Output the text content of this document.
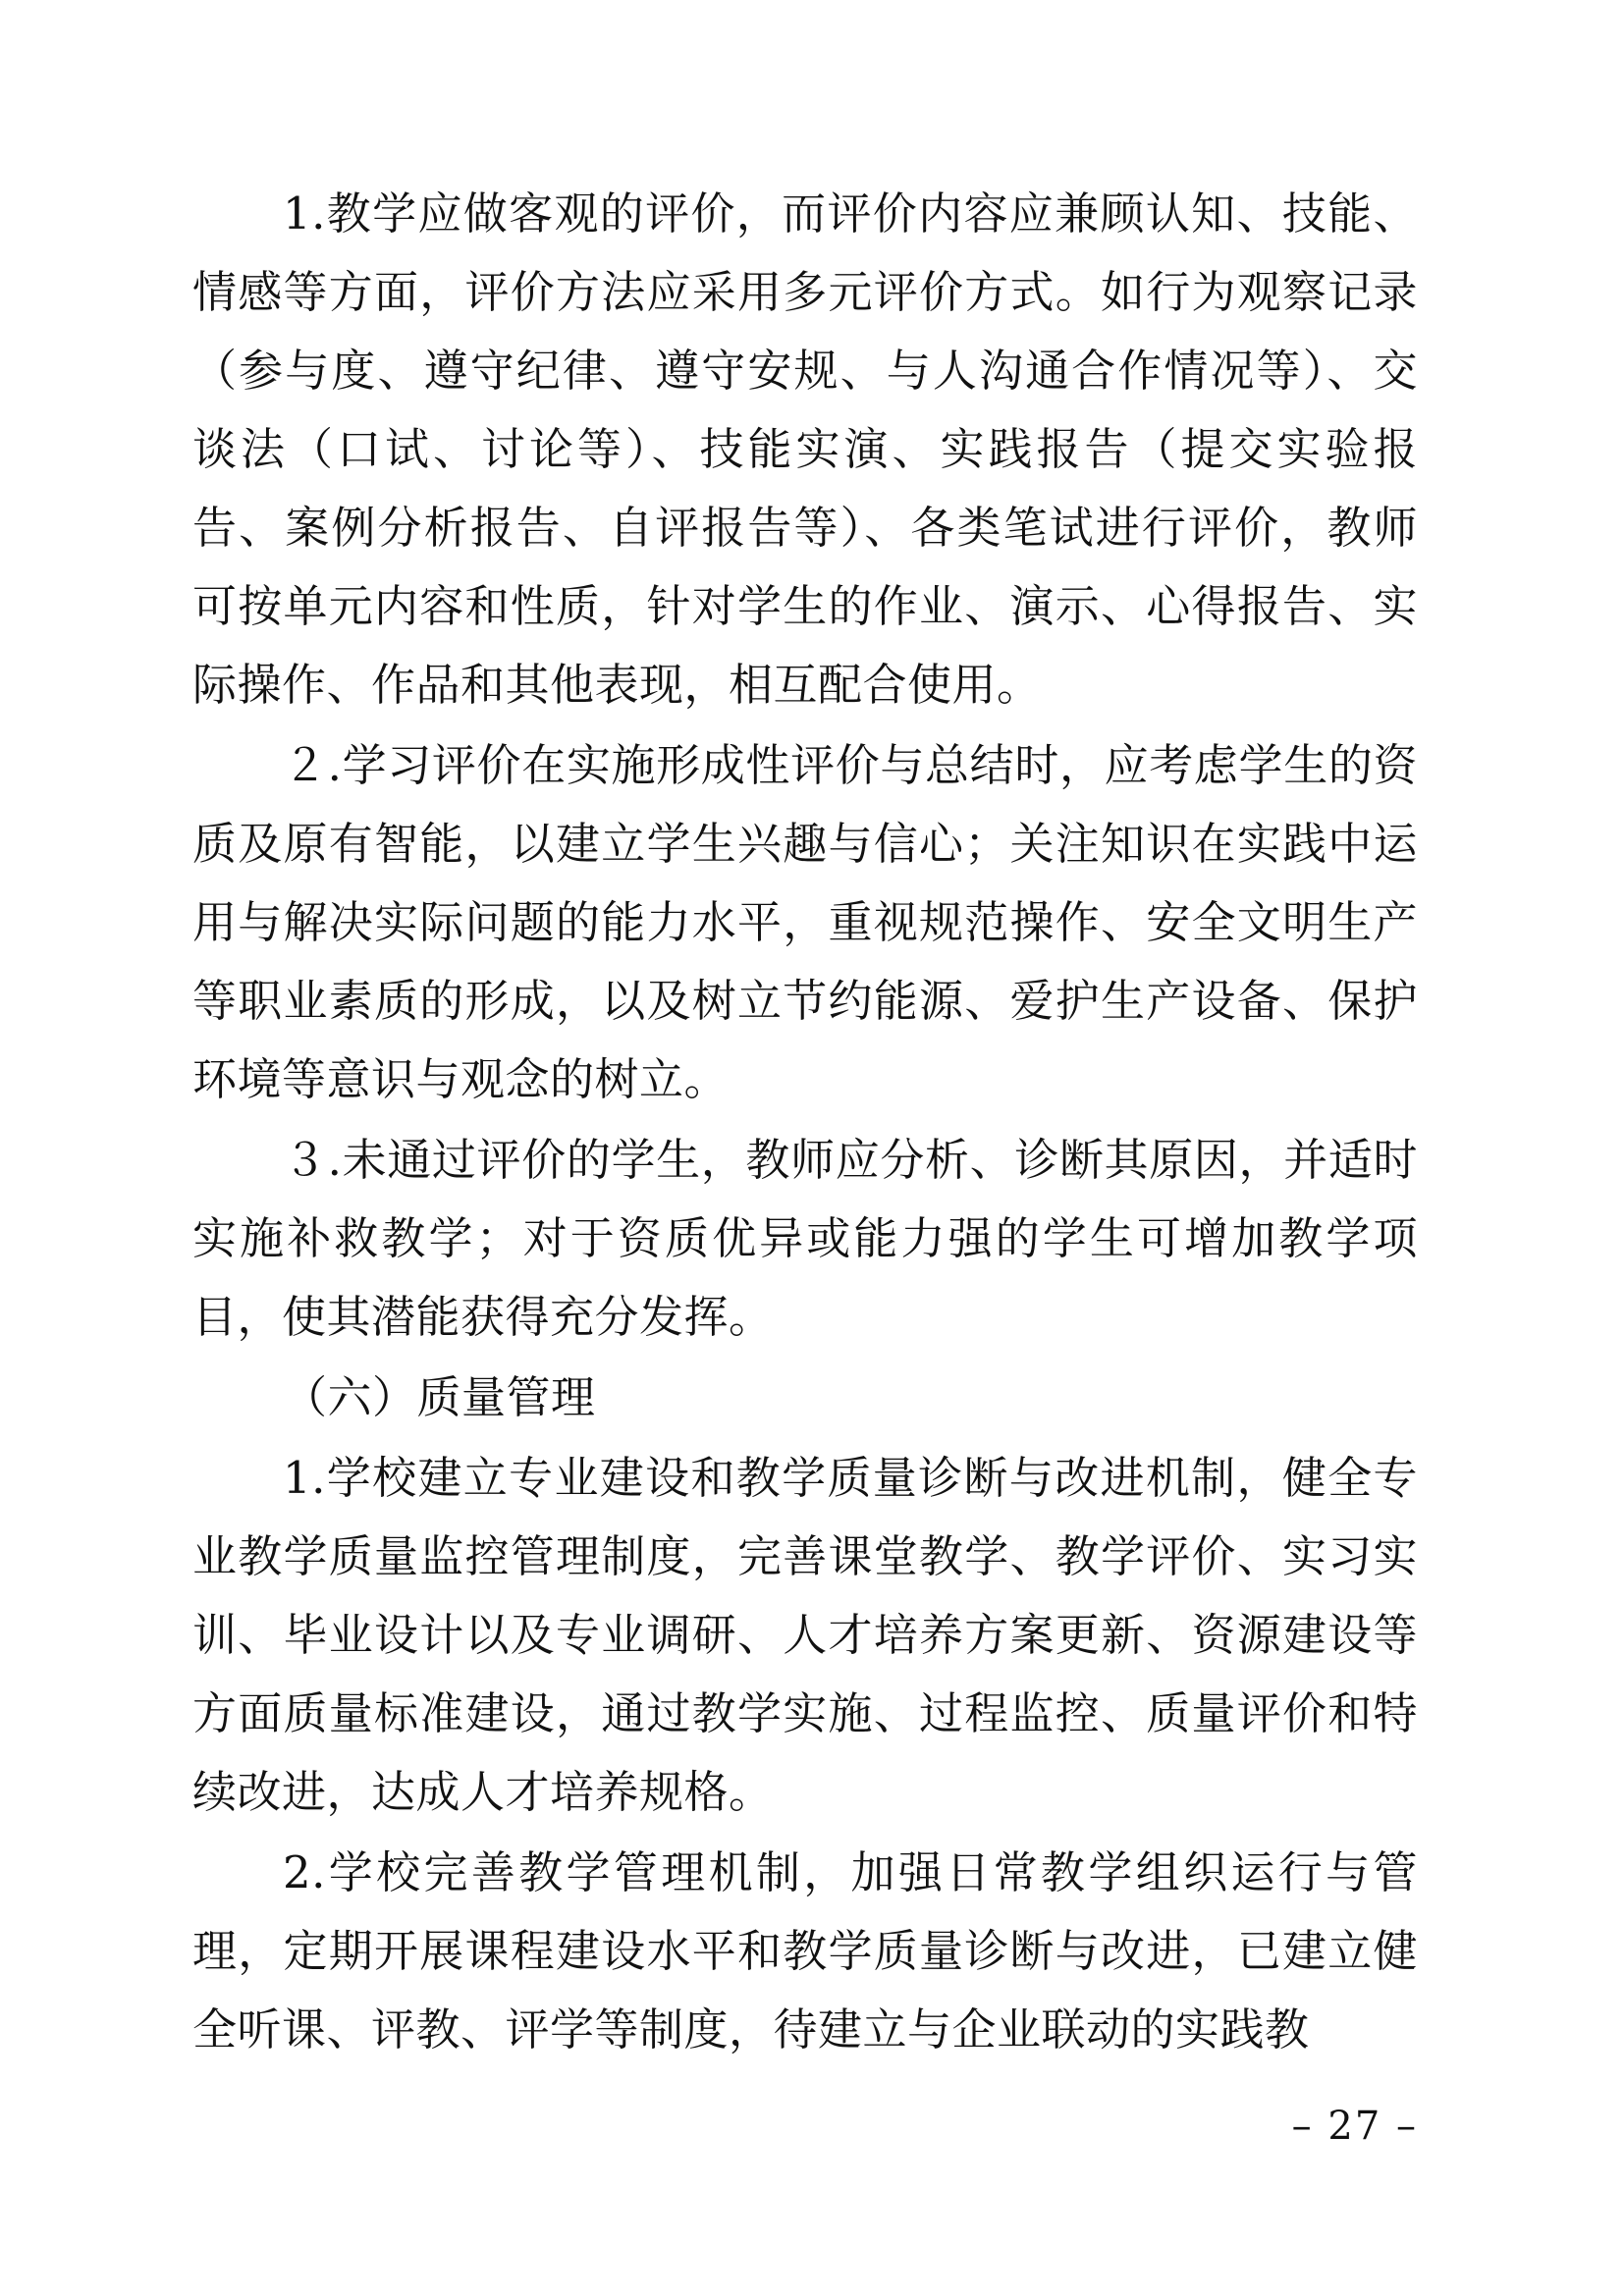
1.教学应做客观的评价，而评价内容应兼顾认知、技能、情感等方面，评价方法应采用多元评价方式。如行为观察记录（参与度、遵守纪律、遵守安规、与人沟通合作情况等）、交谈法（口试、讨论等）、技能实演、实践报告（提交实验报告、案例分析报告、自评报告等）、各类笔试进行评价，教师可按单元内容和性质，针对学生的作业、演示、心得报告、实际操作、作品和其他表现，相互配合使用。

２.学习评价在实施形成性评价与总结时，应考虑学生的资质及原有智能，以建立学生兴趣与信心；关注知识在实践中运用与解决实际问题的能力水平，重视规范操作、安全文明生产等职业素质的形成，以及树立节约能源、爱护生产设备、保护环境等意识与观念的树立。

３.未通过评价的学生，教师应分析、诊断其原因，并适时实施补救教学；对于资质优异或能力强的学生可增加教学项目，使其潜能获得充分发挥。

（六）质量管理

1.学校建立专业建设和教学质量诊断与改进机制，健全专业教学质量监控管理制度，完善课堂教学、教学评价、实习实训、毕业设计以及专业调研、人才培养方案更新、资源建设等方面质量标准建设，通过教学实施、过程监控、质量评价和特续改进，达成人才培养规格。

2.学校完善教学管理机制，加强日常教学组织运行与管理，定期开展课程建设水平和教学质量诊断与改进，已建立健全听课、评教、评学等制度，待建立与企业联动的实践教

– 27 –
